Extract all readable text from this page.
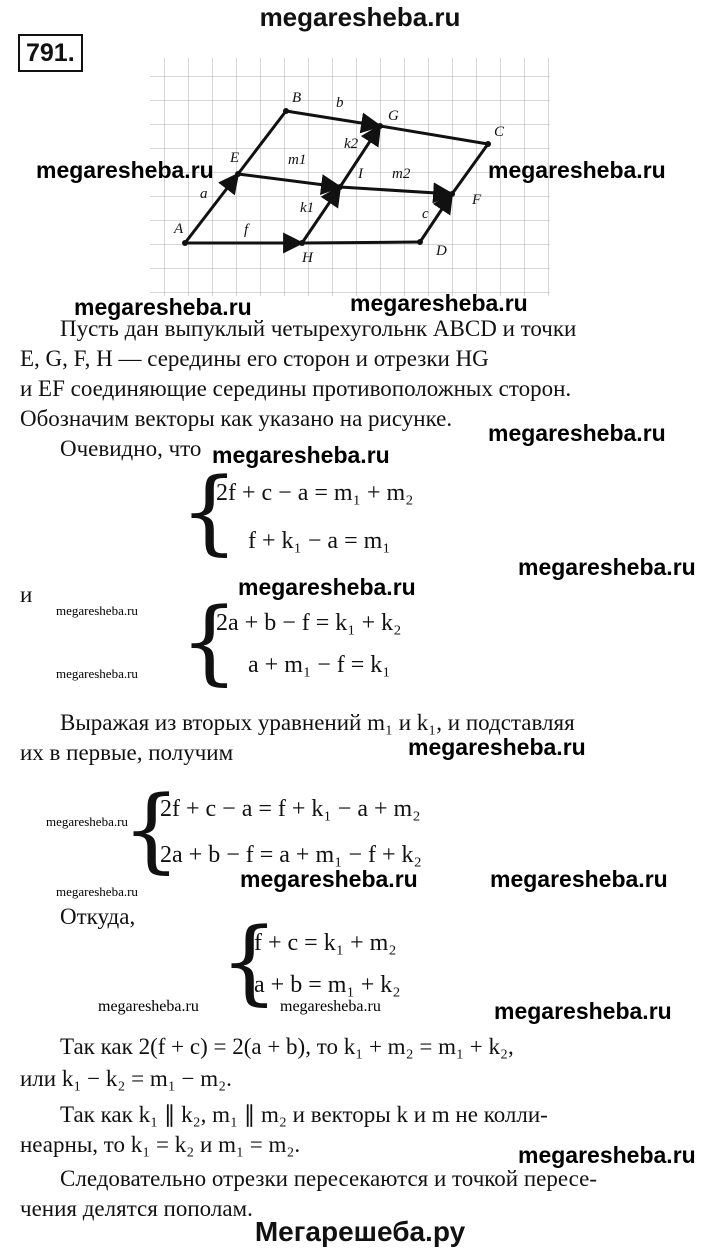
megaresheba.ru
791.
A
B
C
D
E
F
G
H
I
a
b
c
f
m1
m2
k1
k2
megaresheba.ru	megaresheba.ru
megaresheba.ru	megaresheba.ru
megaresheba.ru
megaresheba.ru
megaresheba.ru
megaresheba.ru
megaresheba.ru
megaresheba.ru
megaresheba.ru
megaresheba.ru
megaresheba.ru	megaresheba.ru
megaresheba.ru
megaresheba.ru	megaresheba.ru	megaresheba.ru
megaresheba.ru
Пусть дан выпуклый четырехугольнк ABCD и точки
E, G, F, H — середины его сторон и отрезки HG
и EF соединяющие середины противоположных сторон.
Обозначим векторы как указано на рисунке.
Очевидно, что
{
2f + c − a = m₁ + m₂
f + k₁ − a = m₁
и {
2a + b − f = k₁ + k₂
a + m₁ − f = k₁
Выражая из вторых уравнений m₁ и k₁, и подставляя
их в первые, получим
{
2f + c − a = f + k₁ − a + m₂
2a + b − f = a + m₁ − f + k₂
Откуда, {
f + c = k₁ + m₂
a + b = m₁ + k₂
Так как 2(f + c) = 2(a + b), то k₁ + m₂ = m₁ + k₂,
или k₁ − k₂ = m₁ − m₂.
Так как k₁ ∥ k₂, m₁ ∥ m₂ и векторы k и m не колли-
неарны, то k₁ = k₂ и m₁ = m₂.
Следовательно отрезки пересекаются и точкой пересе-
чения делятся пополам.
Мегарешеба.ру
